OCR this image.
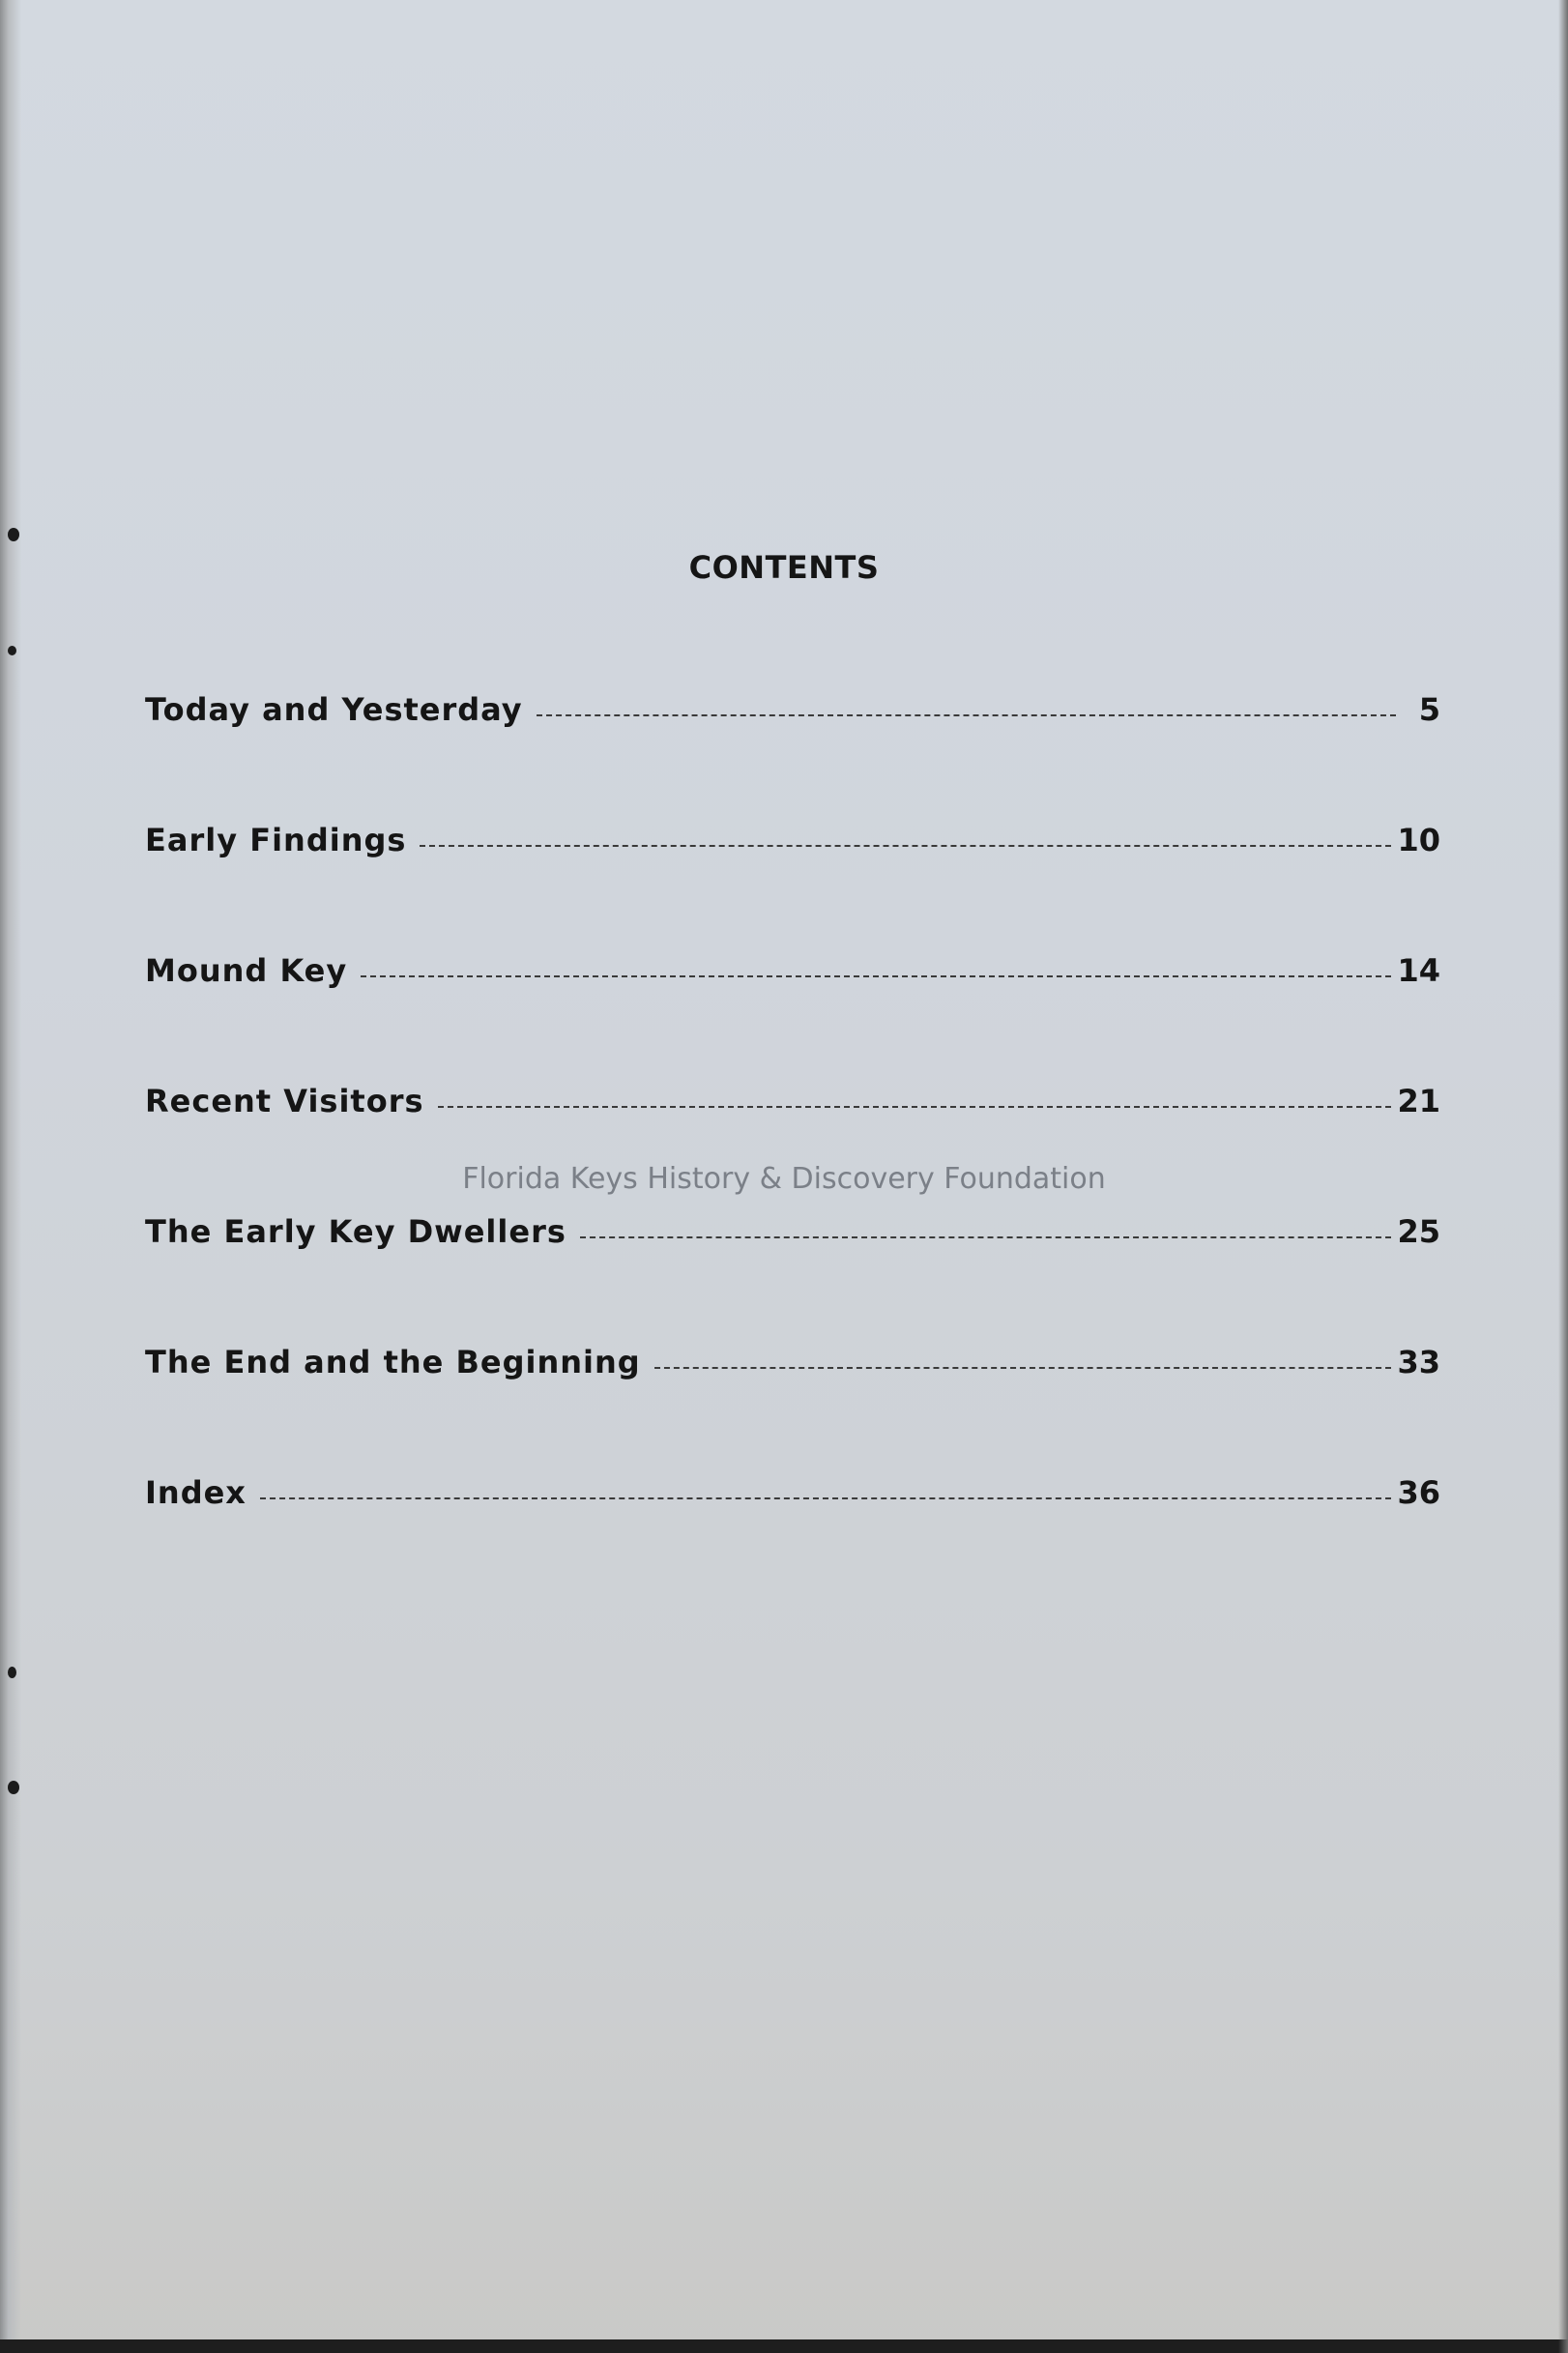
CONTENTS
Today and Yesterday	5
Early Findings	10
Mound Key	14
Recent Visitors	21
Florida Keys History & Discovery Foundation
The Early Key Dwellers	25
The End and the Beginning	33
Index	36
